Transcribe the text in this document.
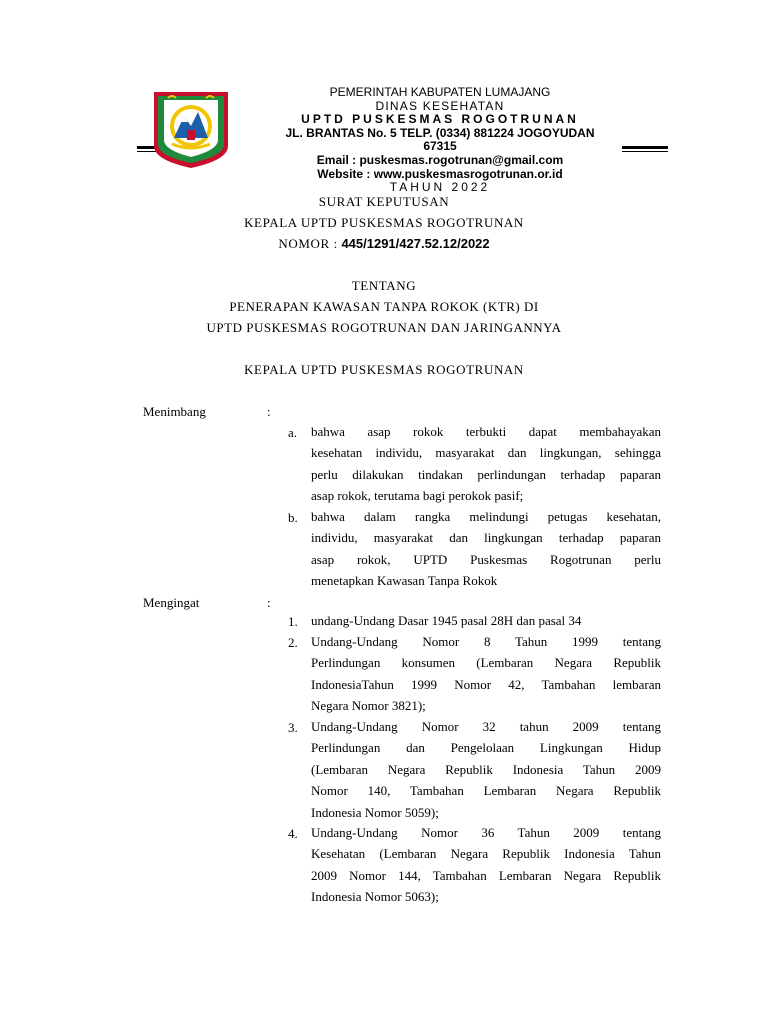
PEMERINTAH KABUPATEN LUMAJANG
DINAS KESEHATAN
UPTD PUSKESMAS ROGOTRUNAN
JL. BRANTAS No. 5 TELP. (0334) 881224 JOGOYUDAN
67315
Email : puskesmas.rogotrunan@gmail.com
Website : www.puskesmasrogotrunan.or.id
TAHUN 2022
SURAT KEPUTUSAN
KEPALA UPTD PUSKESMAS ROGOTRUNAN
NOMOR : 445/1291/427.52.12/2022
TENTANG
PENERAPAN KAWASAN TANPA ROKOK (KTR) DI
UPTD PUSKESMAS ROGOTRUNAN DAN JARINGANNYA
KEPALA UPTD PUSKESMAS ROGOTRUNAN
Menimbang	:
a. bahwa asap rokok terbukti dapat membahayakan
kesehatan individu, masyarakat dan lingkungan, sehingga
perlu dilakukan tindakan perlindungan terhadap paparan
asap rokok, terutama bagi perokok pasif;
b. bahwa dalam rangka melindungi petugas kesehatan,
individu, masyarakat dan lingkungan terhadap paparan
asap rokok, UPTD Puskesmas Rogotrunan perlu
menetapkan Kawasan Tanpa Rokok
Mengingat	:
1. undang-Undang Dasar 1945 pasal 28H dan pasal 34
2. Undang-Undang Nomor 8 Tahun 1999 tentang
Perlindungan konsumen (Lembaran Negara Republik
IndonesiaTahun 1999 Nomor 42, Tambahan lembaran
Negara Nomor 3821);
3. Undang-Undang Nomor 32 tahun 2009 tentang
Perlindungan dan Pengelolaan Lingkungan Hidup
(Lembaran Negara Republik Indonesia Tahun 2009
Nomor 140, Tambahan Lembaran Negara Republik
Indonesia Nomor 5059);
4. Undang-Undang Nomor 36 Tahun 2009 tentang
Kesehatan (Lembaran Negara Republik Indonesia Tahun
2009 Nomor 144, Tambahan Lembaran Negara Republik
Indonesia Nomor 5063);
